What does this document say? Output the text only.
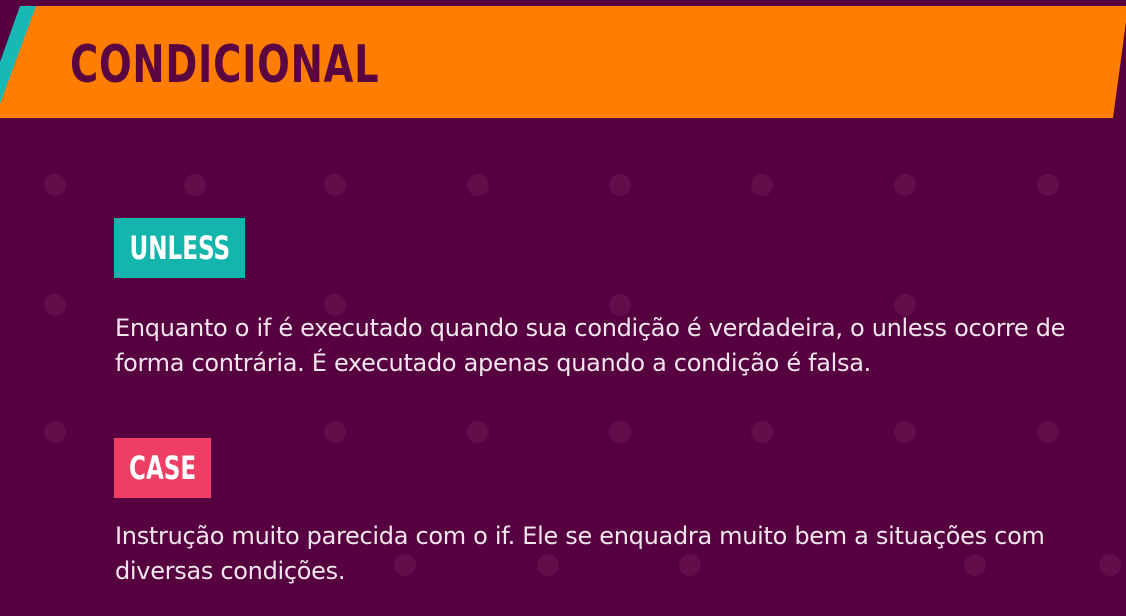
CONDICIONAL
UNLESS

Enquanto o if é executado quando sua condição é verdadeira, o unless ocorre de forma contrária. É executado apenas quando a condição é falsa.

CASE

Instrução muito parecida com o if. Ele se enquadra muito bem a situações com diversas condições.
